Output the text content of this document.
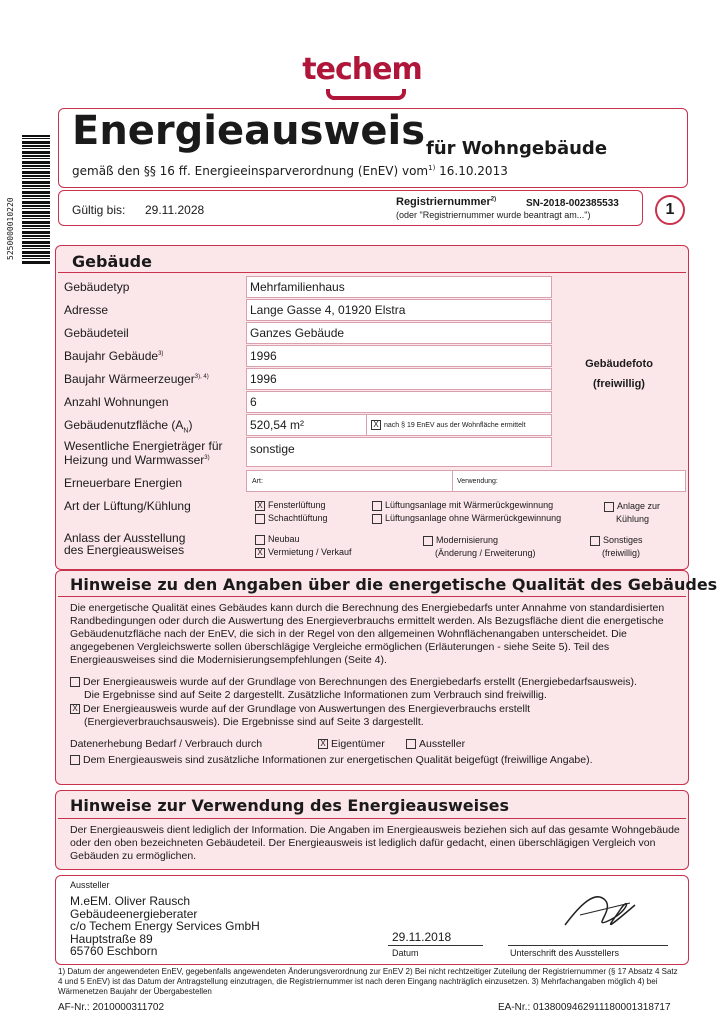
techem
5250000010220
Energieausweis für Wohngebäude
gemäß den §§ 16 ff. Energieeinsparverordnung (EnEV) vom$^{1)}$ 16.10.2013
Gültig bis: 29.11.2028
Registriernummer$^{2)}$	SN-2018-002385533
(oder "Registriernummer wurde beantragt am...")	1
Gebäude
Gebäudefoto
(freiwillig)
Gebäudetyp	Mehrfamilienhaus
Adresse	Lange Gasse 4, 01920 Elstra
Gebäudeteil	Ganzes Gebäude
Baujahr Gebäude$^{3)}$	1996
Baujahr Wärmeerzeuger$^{3), 4)}$	1996
Anzahl Wohnungen	6
Gebäudenutzfläche $(A_N)$	520,54 m²	X nach § 19 EnEV aus der Wohnfläche ermittelt
Wesentliche Energieträger für
Heizung und Warmwasser$^{3)}$
sonstige
Erneuerbare Energien	Art:	Verwendung:
Art der Lüftung/Kühlung	X Fensterlüftung
Schachtlüftung
Lüftungsanlage mit Wärmerückgewinnung
Lüftungsanlage ohne Wärmerückgewinnung
Anlage zur
Kühlung
Anlass der Ausstellung
des Energieausweises
Neubau
X Vermietung / Verkauf
Modernisierung
(Änderung / Erweiterung)
Sonstiges
(freiwillig)
Hinweise zu den Angaben über die energetische Qualität des Gebäudes
Die energetische Qualität eines Gebäudes kann durch die Berechnung des Energiebedarfs unter Annahme von standardisierten Randbedingungen oder durch die Auswertung des Energieverbrauchs ermittelt werden. Als Bezugsfläche dient die energetische Gebäudenutzfläche nach der EnEV, die sich in der Regel von den allgemeinen Wohnflächenangaben unterscheidet. Die angegebenen Vergleichswerte sollen überschlägige Vergleiche ermöglichen (Erläuterungen - siehe Seite 5). Teil des Energieausweises sind die Modernisierungsempfehlungen (Seite 4).
Der Energieausweis wurde auf der Grundlage von Berechnungen des Energiebedarfs erstellt (Energiebedarfsausweis).
Die Ergebnisse sind auf Seite 2 dargestellt. Zusätzliche Informationen zum Verbrauch sind freiwillig.
X Der Energieausweis wurde auf der Grundlage von Auswertungen des Energieverbrauchs erstellt
(Energieverbrauchsausweis). Die Ergebnisse sind auf Seite 3 dargestellt.
Datenerhebung Bedarf / Verbrauch durch	X Eigentümer	Aussteller
Dem Energieausweis sind zusätzliche Informationen zur energetischen Qualität beigefügt (freiwillige Angabe).
Hinweise zur Verwendung des Energieausweises
Der Energieausweis dient lediglich der Information. Die Angaben im Energieausweis beziehen sich auf das gesamte Wohngebäude oder den oben bezeichneten Gebäudeteil. Der Energieausweis ist lediglich dafür gedacht, einen überschlägigen Vergleich von Gebäuden zu ermöglichen.
Aussteller
M.eEM. Oliver Rausch
Gebäudeenergieberater
c/o Techem Energy Services GmbH
Hauptstraße 89
65760 Eschborn
29.11.2018
Datum	Unterschrift des Ausstellers
1) Datum der angewendeten EnEV, gegebenfalls angewendeten Änderungsverordnung zur EnEV 2) Bei nicht rechtzeitiger Zuteilung der Registriernummer (§ 17 Absatz 4 Satz 4 und 5 EnEV) ist das Datum der Antragstellung einzutragen, die Registriernummer ist nach deren Eingang nachträglich einzusetzen. 3) Mehrfachangaben möglich 4) bei Wärmenetzen Baujahr der Übergabestellen
AF-Nr.: 2010000311702	EA-Nr.: 0138009462911180001318717
